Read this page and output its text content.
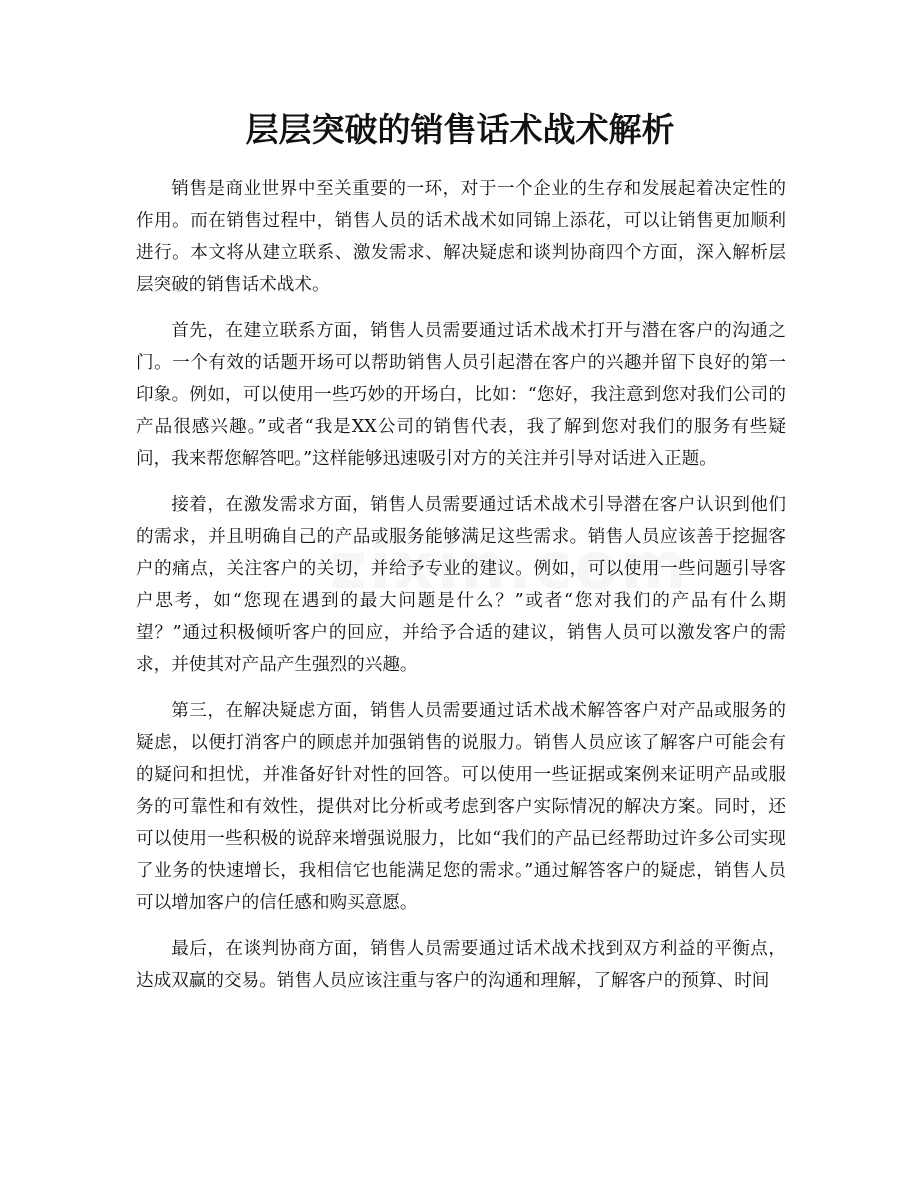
层层突破的销售话术战术解析

销售是商业世界中至关重要的一环，对于一个企业的生存和发展起着决定性的作用。而在销售过程中，销售人员的话术战术如同锦上添花，可以让销售更加顺利进行。本文将从建立联系、激发需求、解决疑虑和谈判协商四个方面，深入解析层层突破的销售话术战术。

首先，在建立联系方面，销售人员需要通过话术战术打开与潜在客户的沟通之门。一个有效的话题开场可以帮助销售人员引起潜在客户的兴趣并留下良好的第一印象。例如，可以使用一些巧妙的开场白，比如：“您好，我注意到您对我们公司的产品很感兴趣。”或者“我是XX公司的销售代表，我了解到您对我们的服务有些疑问，我来帮您解答吧。”这样能够迅速吸引对方的关注并引导对话进入正题。

接着，在激发需求方面，销售人员需要通过话术战术引导潜在客户认识到他们的需求，并且明确自己的产品或服务能够满足这些需求。销售人员应该善于挖掘客户的痛点，关注客户的关切，并给予专业的建议。例如，可以使用一些问题引导客户思考，如“您现在遇到的最大问题是什么？”或者“您对我们的产品有什么期望？”通过积极倾听客户的回应，并给予合适的建议，销售人员可以激发客户的需求，并使其对产品产生强烈的兴趣。

第三，在解决疑虑方面，销售人员需要通过话术战术解答客户对产品或服务的疑虑，以便打消客户的顾虑并加强销售的说服力。销售人员应该了解客户可能会有的疑问和担忧，并准备好针对性的回答。可以使用一些证据或案例来证明产品或服务的可靠性和有效性，提供对比分析或考虑到客户实际情况的解决方案。同时，还可以使用一些积极的说辞来增强说服力，比如“我们的产品已经帮助过许多公司实现了业务的快速增长，我相信它也能满足您的需求。”通过解答客户的疑虑，销售人员可以增加客户的信任感和购买意愿。

最后，在谈判协商方面，销售人员需要通过话术战术找到双方利益的平衡点，达成双赢的交易。销售人员应该注重与客户的沟通和理解，了解客户的预算、时间
